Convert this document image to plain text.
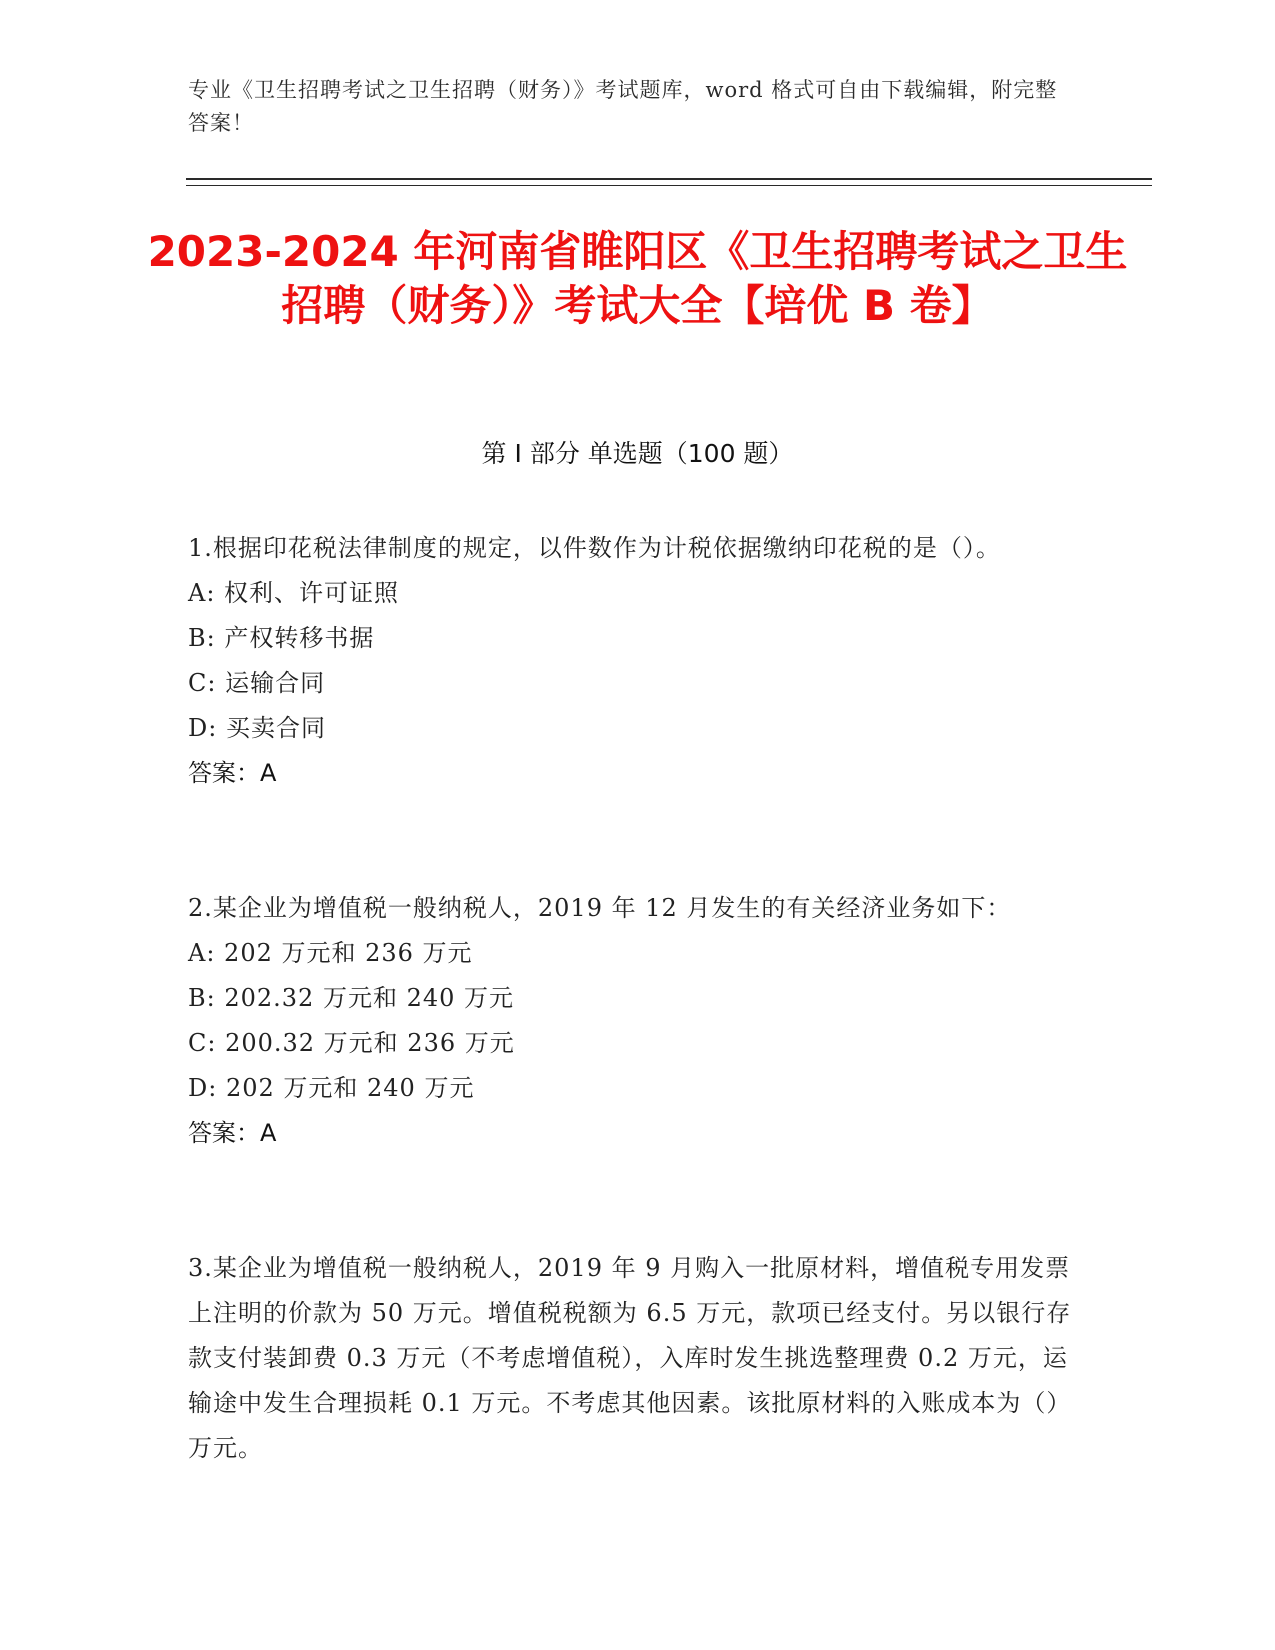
专业《卫生招聘考试之卫生招聘（财务）》考试题库，word 格式可自由下载编辑，附完整答案！
2023-2024 年河南省睢阳区《卫生招聘考试之卫生招聘（财务）》考试大全【培优 B 卷】
第 I 部分 单选题（100 题）
1.根据印花税法律制度的规定，以件数作为计税依据缴纳印花税的是（）。
A: 权利、许可证照
B: 产权转移书据
C: 运输合同
D: 买卖合同
答案：A
2.某企业为增值税一般纳税人，2019 年 12 月发生的有关经济业务如下：
A: 202 万元和 236 万元
B: 202.32 万元和 240 万元
C: 200.32 万元和 236 万元
D: 202 万元和 240 万元
答案：A
3.某企业为增值税一般纳税人，2019 年 9 月购入一批原材料，增值税专用发票上注明的价款为 50 万元。增值税税额为 6.5 万元，款项已经支付。另以银行存款支付装卸费 0.3 万元（不考虑增值税），入库时发生挑选整理费 0.2 万元，运输途中发生合理损耗 0.1 万元。不考虑其他因素。该批原材料的入账成本为（）万元。
